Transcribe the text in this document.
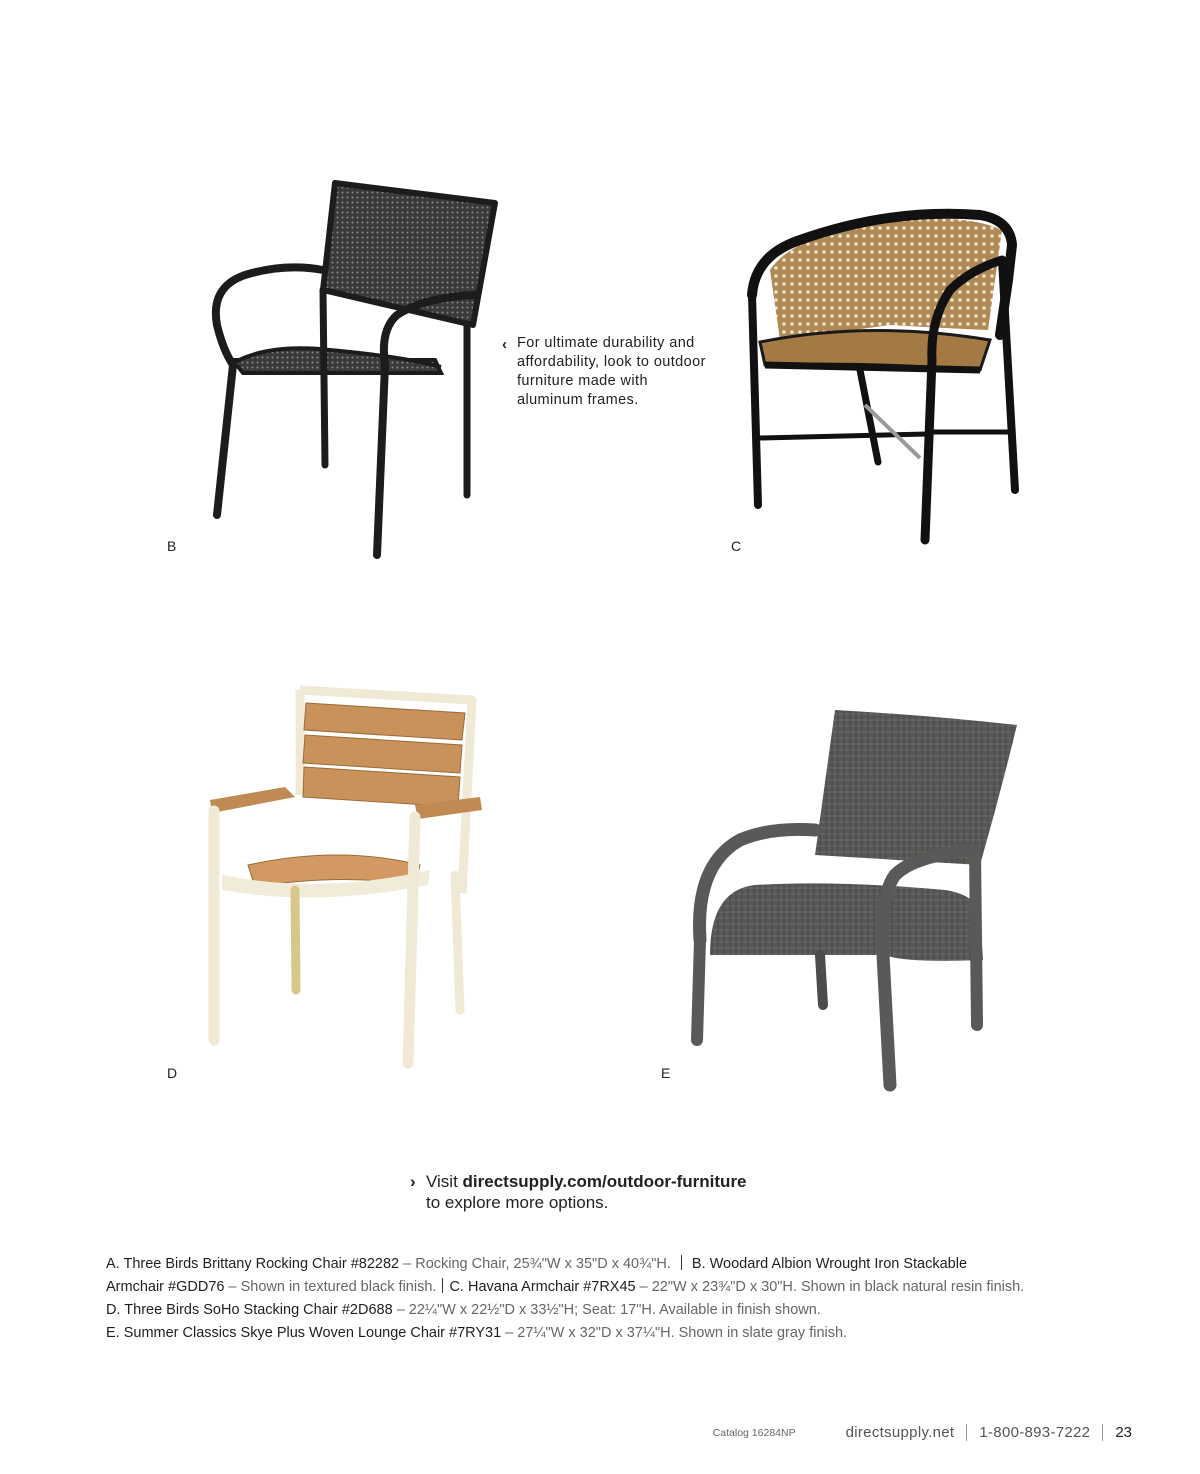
B	C
‹ For ultimate durability and affordability, look to outdoor furniture made with aluminum frames.

D	E
› Visit directsupply.com/outdoor-furniture
to explore more options.
A. Three Birds Brittany Rocking Chair #82282 – Rocking Chair, 25¾"W x 35"D x 40¾"H. B. Woodard Albion Wrought Iron Stackable
Armchair #GDD76 – Shown in textured black finish. C. Havana Armchair #7RX45 – 22"W x 23¾"D x 30"H. Shown in black natural resin finish.
D. Three Birds SoHo Stacking Chair #2D688 – 22¼"W x 22½"D x 33½"H; Seat: 17"H. Available in finish shown.
E. Summer Classics Skye Plus Woven Lounge Chair #7RY31 – 27¼"W x 32"D x 37¼"H. Shown in slate gray finish.
Catalog 16284NP	directsupply.net 1-800-893-7222 23
